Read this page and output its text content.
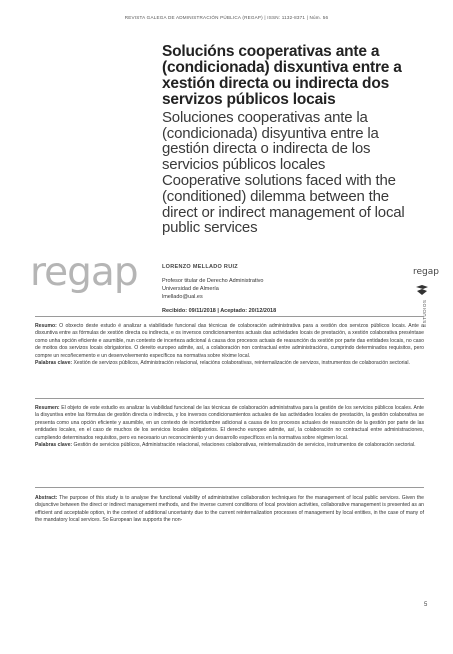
REVISTA GALEGA DE ADMINISTRACIÓN PÚBLICA (REGAP) | ISSN: 1132-8371 | Núm. 56
Solucións cooperativas ante a (condicionada) disxuntiva entre a xestión directa ou indirecta dos servizos públicos locais
Soluciones cooperativas ante la (condicionada) disyuntiva entre la gestión directa o indirecta de los servicios públicos locales
Cooperative solutions faced with the (conditioned) dilemma between the direct or indirect management of local public services
regap	LORENZO MELLADO RUIZ
Profesor titular de Derecho Administrativo
Universidad de Almería
lmellado@ual.es
Recibido: 09/11/2018 | Aceptado: 20/12/2018
regap
ESTUDIOS
Resumo: O obxecto deste estudo é analizar a viabilidade funcional das técnicas de colaboración administrativa para a xestión dos servizos públicos locais. Ante a disxuntiva entre as fórmulas de xestión directa ou indirecta, e os inversos condicionamentos actuais das actividades locais de prestación, a xestión colaborativa preséntase como unha opción eficiente e asumible, nun contexto de incerteza adicional á causa dos procesos actuais de reasunción da xestión por parte das entidades locais, no caso de moitos dos servizos locais obrigatorios. O dereito europeo admite, así, a colaboración non contractual entre administracións, cumprindo determinados requisitos, pero compre un recoñecemento e un desenvolvemento específicos na normativa sobre réxime local.
Palabras clave: Xestión de servizos públicos, Administración relacional, relacións colaborativas, reinternalización de servizos, instrumentos de colaboración sectorial.
Resumen: El objeto de este estudio es analizar la viabilidad funcional de las técnicas de colaboración administrativa para la gestión de los servicios públicos locales. Ante la disyuntiva entre las fórmulas de gestión directa o indirecta, y los inversos condicionamientos actuales de las actividades locales de prestación, la gestión colaborativa se presenta como una opción eficiente y asumible, en un contexto de incertidumbre adicional a causa de los procesos actuales de reasunción de la gestión por parte de las entidades locales, en el caso de muchos de los servicios locales obligatorios. El derecho europeo admite, así, la colaboración no contractual entre administraciones, cumpliendo determinados requisitos, pero es necesario un reconocimiento y un desarrollo específicos en la normativa sobre régimen local.
Palabras clave: Gestión de servicios públicos, Administración relacional, relaciones colaborativas, reinternalización de servicios, instrumentos de colaboración sectorial.
Abstract: The purpose of this study is to analyse the functional viability of administrative collaboration techniques for the management of local public services. Given the disjunctive between the direct or indirect management methods, and the inverse current conditions of local provision activities, collaborative management is presented as an efficient and acceptable option, in the context of additional uncertainty due to the current reinternalization processes of management by local entities, in the case of many of the mandatory local services. So European law supports the non-
5
